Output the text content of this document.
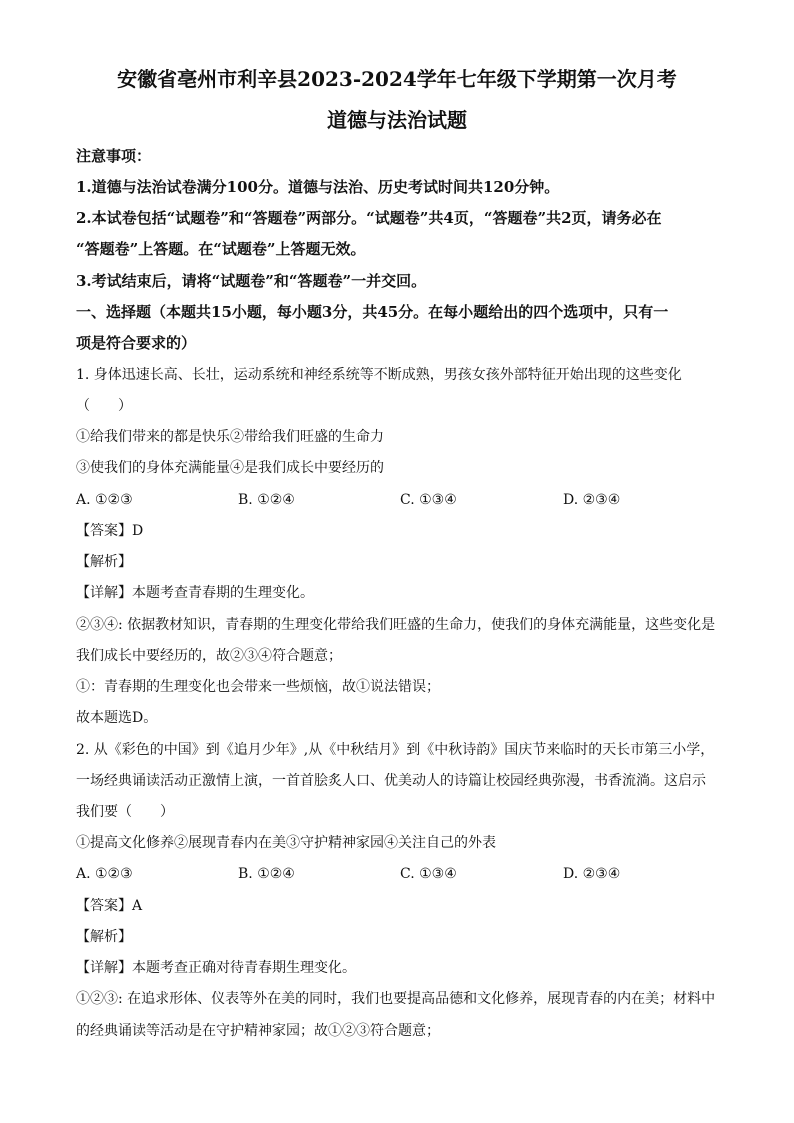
安徽省亳州市利辛县2023-2024学年七年级下学期第一次月考
道德与法治试题
注意事项：
1.道德与法治试卷满分100分。道德与法治、历史考试时间共120分钟。
2.本试卷包括“试题卷”和“答题卷”两部分。“试题卷”共4页，“答题卷”共2页，请务必在
“答题卷”上答题。在“试题卷”上答题无效。
3.考试结束后，请将“试题卷”和“答题卷”一并交回。
一、选择题（本题共15小题，每小题3分，共45分。在每小题给出的四个选项中，只有一
项是符合要求的）
1. 身体迅速长高、长壮，运动系统和神经系统等不断成熟，男孩女孩外部特征开始出现的这些变化
（　　）
①给我们带来的都是快乐②带给我们旺盛的生命力
③使我们的身体充满能量④是我们成长中要经历的
A. ①②③	B. ①②④	C. ①③④	D. ②③④
【答案】D
【解析】
【详解】本题考查青春期的生理变化。
②③④: 依据教材知识，青春期的生理变化带给我们旺盛的生命力，使我们的身体充满能量，这些变化是
我们成长中要经历的，故②③④符合题意；
①：青春期的生理变化也会带来一些烦恼，故①说法错误；
故本题选D。
2. 从《彩色的中国》到《追月少年》,从《中秋结月》到《中秋诗韵》国庆节来临时的天长市第三小学，
一场经典诵读活动正激情上演，一首首脍炙人口、优美动人的诗篇让校园经典弥漫，书香流淌。这启示
我们要（　　）
①提高文化修养②展现青春内在美③守护精神家园④关注自己的外表
A. ①②③	B. ①②④	C. ①③④	D. ②③④
【答案】A
【解析】
【详解】本题考查正确对待青春期生理变化。
①②③: 在追求形体、仪表等外在美的同时，我们也要提高品德和文化修养，展现青春的内在美；材料中
的经典诵读等活动是在守护精神家园；故①②③符合题意；
